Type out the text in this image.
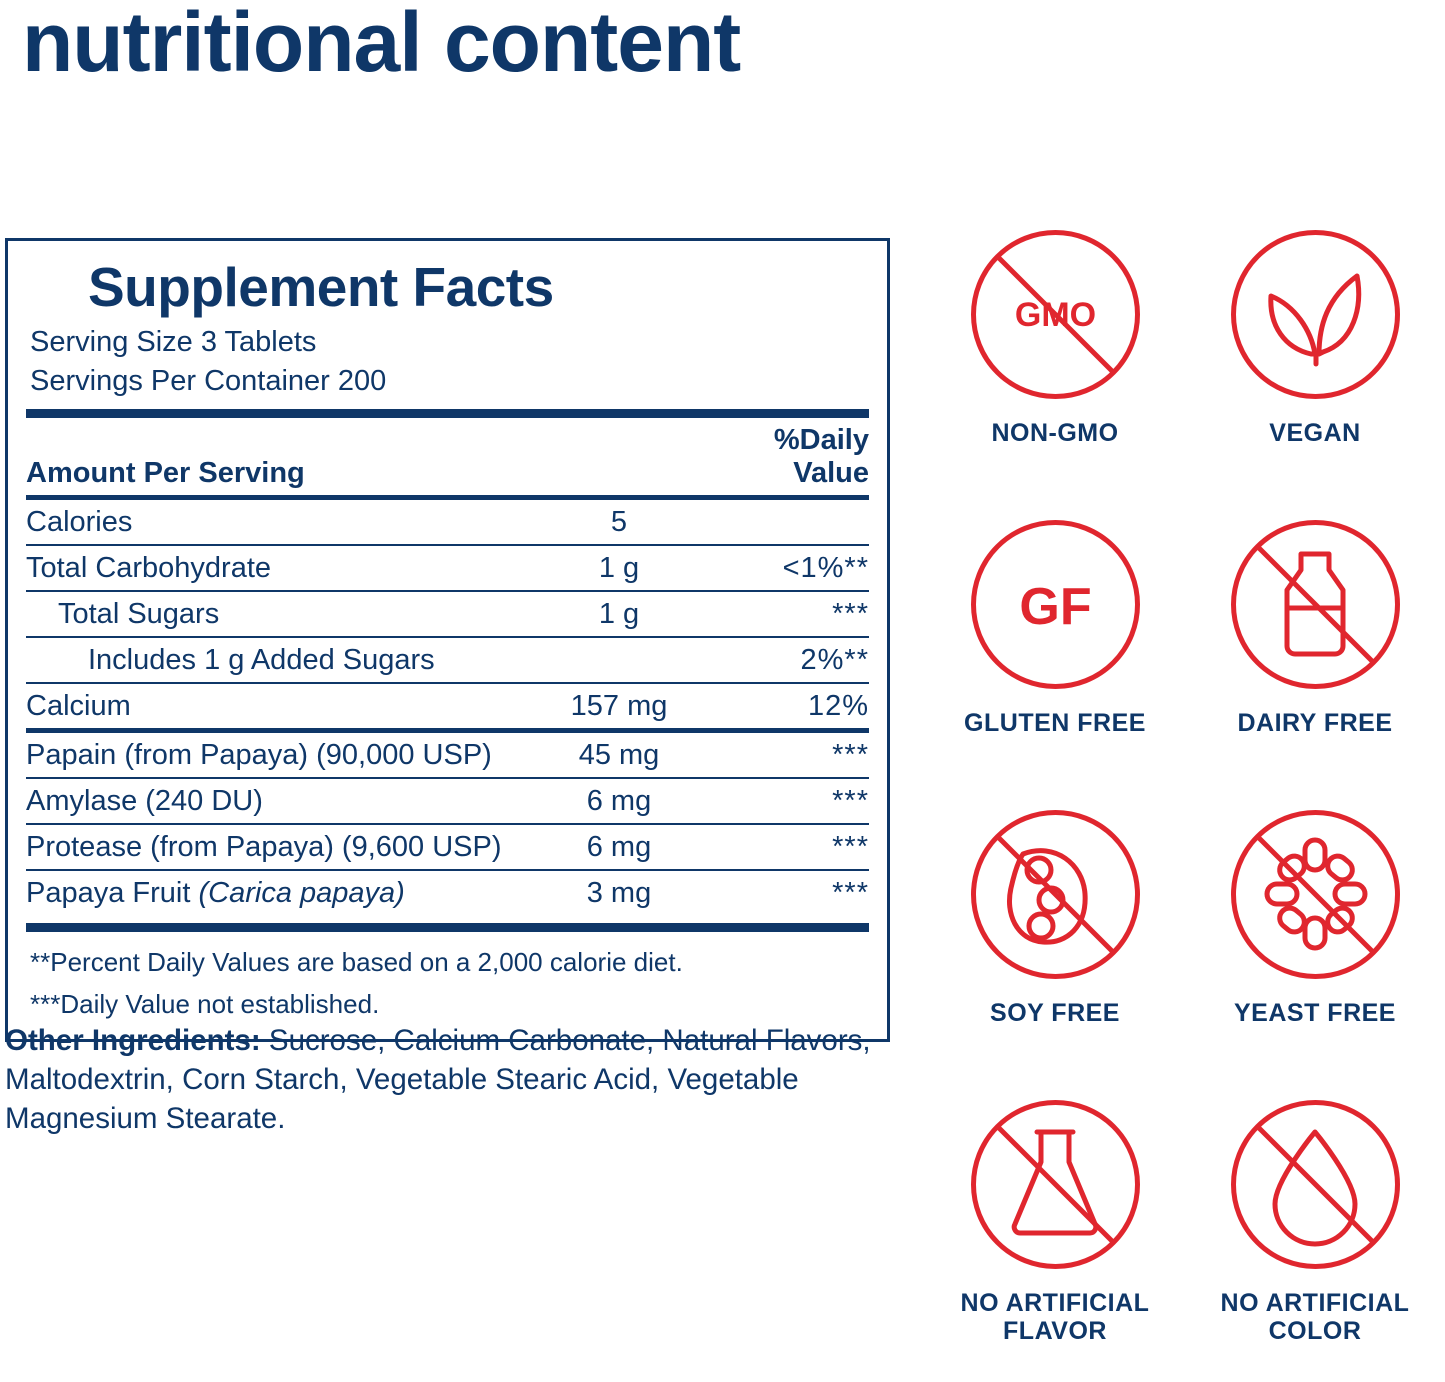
nutritional content
Supplement Facts
Serving Size 3 Tablets
Servings Per Container 200
Amount Per Serving		%Daily Value
Calories	5	
Total Carbohydrate	1 g	<1%**
Total Sugars	1 g	***
Includes 1 g Added Sugars		2%**
Calcium	157 mg	12%
Papain (from Papaya) (90,000 USP)	45 mg	***
Amylase (240 DU)	6 mg	***
Protease (from Papaya) (9,600 USP)	6 mg	***
Papaya Fruit (Carica papaya)	3 mg	***
**Percent Daily Values are based on a 2,000 calorie diet.
***Daily Value not established.
Other Ingredients: Sucrose, Calcium Carbonate, Natural Flavors, Maltodextrin, Corn Starch, Vegetable Stearic Acid, Vegetable Magnesium Stearate.
GMO
NON-GMO	VEGAN
GF
GLUTEN FREE	DAIRY FREE
SOY FREE	YEAST FREE
NO ARTIFICIAL FLAVOR
NO ARTIFICIAL COLOR
